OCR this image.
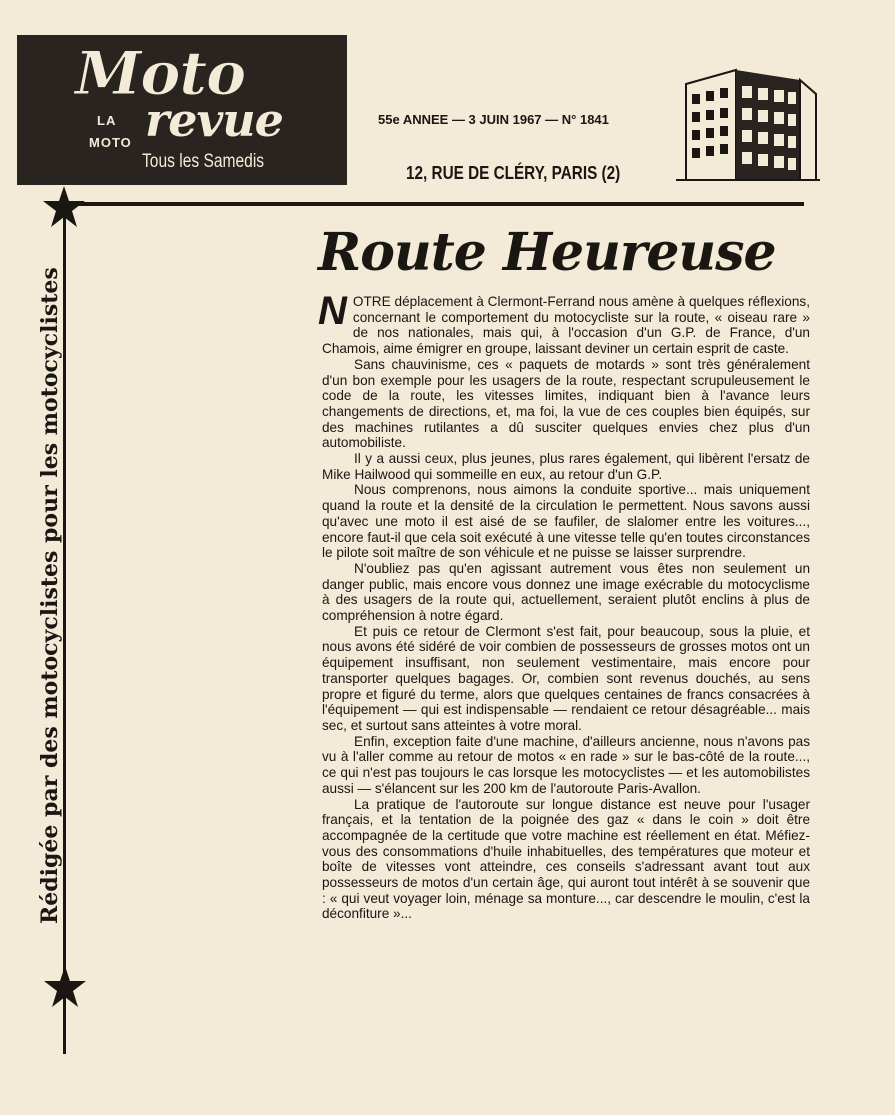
Moto
LA
MOTO revue
Tous les Samedis
55e ANNEE — 3 JUIN 1967 — N° 1841
12, RUE DE CLÉRY, PARIS (2)
Rédigée par des motocyclistes pour les motocyclistes
Route Heureuse

NOTRE déplacement à Clermont-Ferrand nous amène à quelques réflexions, concernant le comportement du motocycliste sur la route, « oiseau rare » de nos nationales, mais qui, à l'occasion d'un G.P. de France, d'un Chamois, aime émigrer en groupe, laissant deviner un certain esprit de caste.

Sans chauvinisme, ces « paquets de motards » sont très généralement d'un bon exemple pour les usagers de la route, respectant scrupuleusement le code de la route, les vitesses limites, indiquant bien à l'avance leurs changements de directions, et, ma foi, la vue de ces couples bien équipés, sur des machines rutilantes a dû susciter quelques envies chez plus d'un automobiliste.

Il y a aussi ceux, plus jeunes, plus rares également, qui libèrent l'ersatz de Mike Hailwood qui sommeille en eux, au retour d'un G.P.

Nous comprenons, nous aimons la conduite sportive... mais uniquement quand la route et la densité de la circulation le permettent. Nous savons aussi qu'avec une moto il est aisé de se faufiler, de slalomer entre les voitures..., encore faut-il que cela soit exécuté à une vitesse telle qu'en toutes circonstances le pilote soit maître de son véhicule et ne puisse se laisser surprendre.

N'oubliez pas qu'en agissant autrement vous êtes non seulement un danger public, mais encore vous donnez une image exécrable du motocyclisme à des usagers de la route qui, actuellement, seraient plutôt enclins à plus de compréhension à notre égard.

Et puis ce retour de Clermont s'est fait, pour beaucoup, sous la pluie, et nous avons été sidéré de voir combien de possesseurs de grosses motos ont un équipement insuffisant, non seulement vestimentaire, mais encore pour transporter quelques bagages. Or, combien sont revenus douchés, au sens propre et figuré du terme, alors que quelques centaines de francs consacrées à l'équipement — qui est indispensable — rendaient ce retour désagréable... mais sec, et surtout sans atteintes à votre moral.

Enfin, exception faite d'une machine, d'ailleurs ancienne, nous n'avons pas vu à l'aller comme au retour de motos « en rade » sur le bas-côté de la route..., ce qui n'est pas toujours le cas lorsque les motocyclistes — et les automobilistes aussi — s'élancent sur les 200 km de l'autoroute Paris-Avallon.

La pratique de l'autoroute sur longue distance est neuve pour l'usager français, et la tentation de la poignée des gaz « dans le coin » doit être accompagnée de la certitude que votre machine est réellement en état. Méfiez-vous des consommations d'huile inhabituelles, des températures que moteur et boîte de vitesses vont atteindre, ces conseils s'adressant avant tout aux possesseurs de motos d'un certain âge, qui auront tout intérêt à se souvenir que : « qui veut voyager loin, ménage sa monture..., car descendre le moulin, c'est la déconfiture »...
